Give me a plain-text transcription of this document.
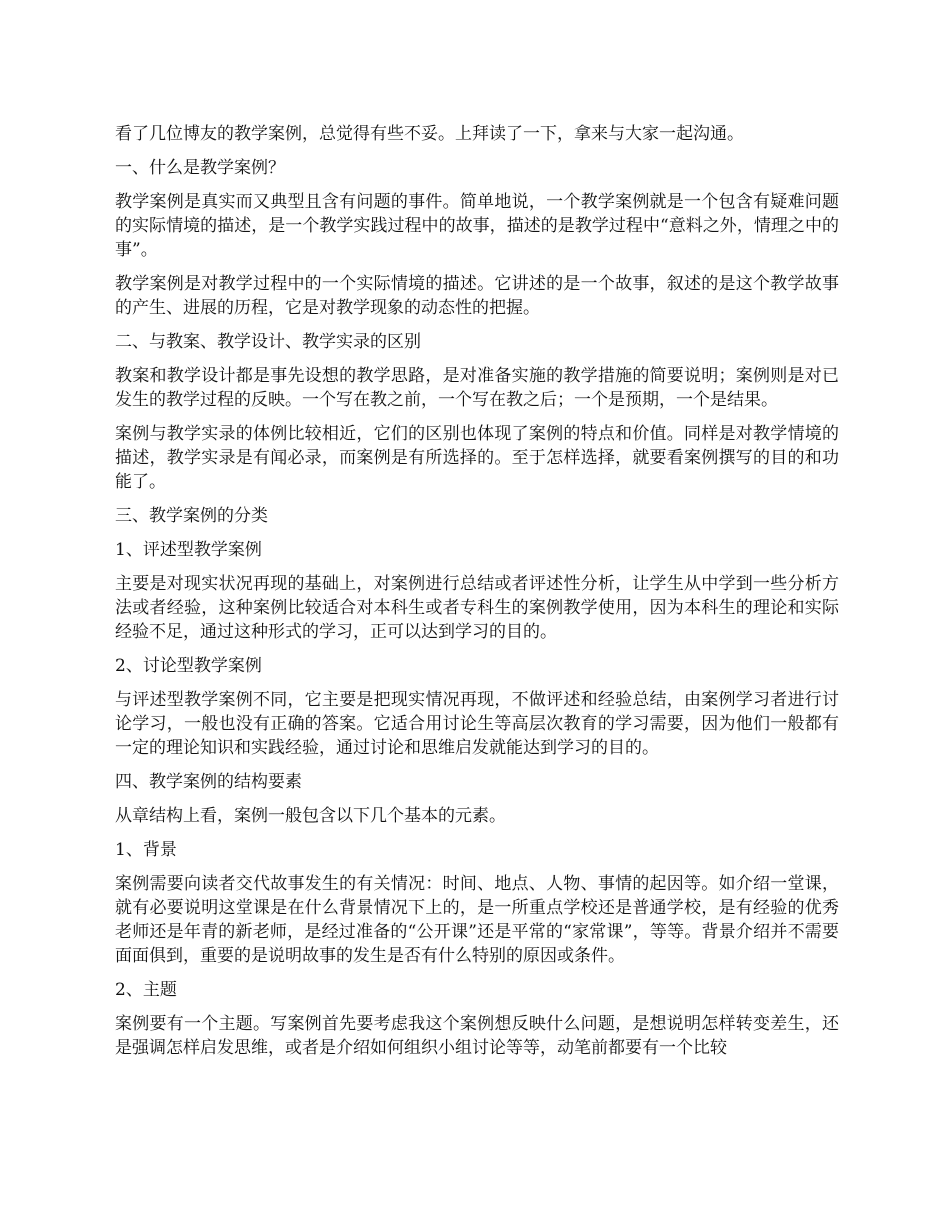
看了几位博友的教学案例，总觉得有些不妥。上拜读了一下，拿来与大家一起沟通。

一、什么是教学案例？

教学案例是真实而又典型且含有问题的事件。简单地说，一个教学案例就是一个包含有疑难问题的实际情境的描述，是一个教学实践过程中的故事，描述的是教学过程中“意料之外，情理之中的事”。

教学案例是对教学过程中的一个实际情境的描述。它讲述的是一个故事，叙述的是这个教学故事的产生、进展的历程，它是对教学现象的动态性的把握。

二、与教案、教学设计、教学实录的区别

教案和教学设计都是事先设想的教学思路，是对准备实施的教学措施的简要说明；案例则是对已发生的教学过程的反映。一个写在教之前，一个写在教之后；一个是预期，一个是结果。

案例与教学实录的体例比较相近，它们的区别也体现了案例的特点和价值。同样是对教学情境的描述，教学实录是有闻必录，而案例是有所选择的。至于怎样选择，就要看案例撰写的目的和功能了。

三、教学案例的分类

1、评述型教学案例

主要是对现实状况再现的基础上，对案例进行总结或者评述性分析，让学生从中学到一些分析方法或者经验，这种案例比较适合对本科生或者专科生的案例教学使用，因为本科生的理论和实际经验不足，通过这种形式的学习，正可以达到学习的目的。

2、讨论型教学案例

与评述型教学案例不同，它主要是把现实情况再现，不做评述和经验总结，由案例学习者进行讨论学习，一般也没有正确的答案。它适合用讨论生等高层次教育的学习需要，因为他们一般都有一定的理论知识和实践经验，通过讨论和思维启发就能达到学习的目的。

四、教学案例的结构要素

从章结构上看，案例一般包含以下几个基本的元素。

1、背景

案例需要向读者交代故事发生的有关情况：时间、地点、人物、事情的起因等。如介绍一堂课，就有必要说明这堂课是在什么背景情况下上的，是一所重点学校还是普通学校，是有经验的优秀老师还是年青的新老师，是经过准备的“公开课”还是平常的“家常课”，等等。背景介绍并不需要面面俱到，重要的是说明故事的发生是否有什么特别的原因或条件。

2、主题

案例要有一个主题。写案例首先要考虑我这个案例想反映什么问题，是想说明怎样转变差生，还是强调怎样启发思维，或者是介绍如何组织小组讨论等等，动笔前都要有一个比较
